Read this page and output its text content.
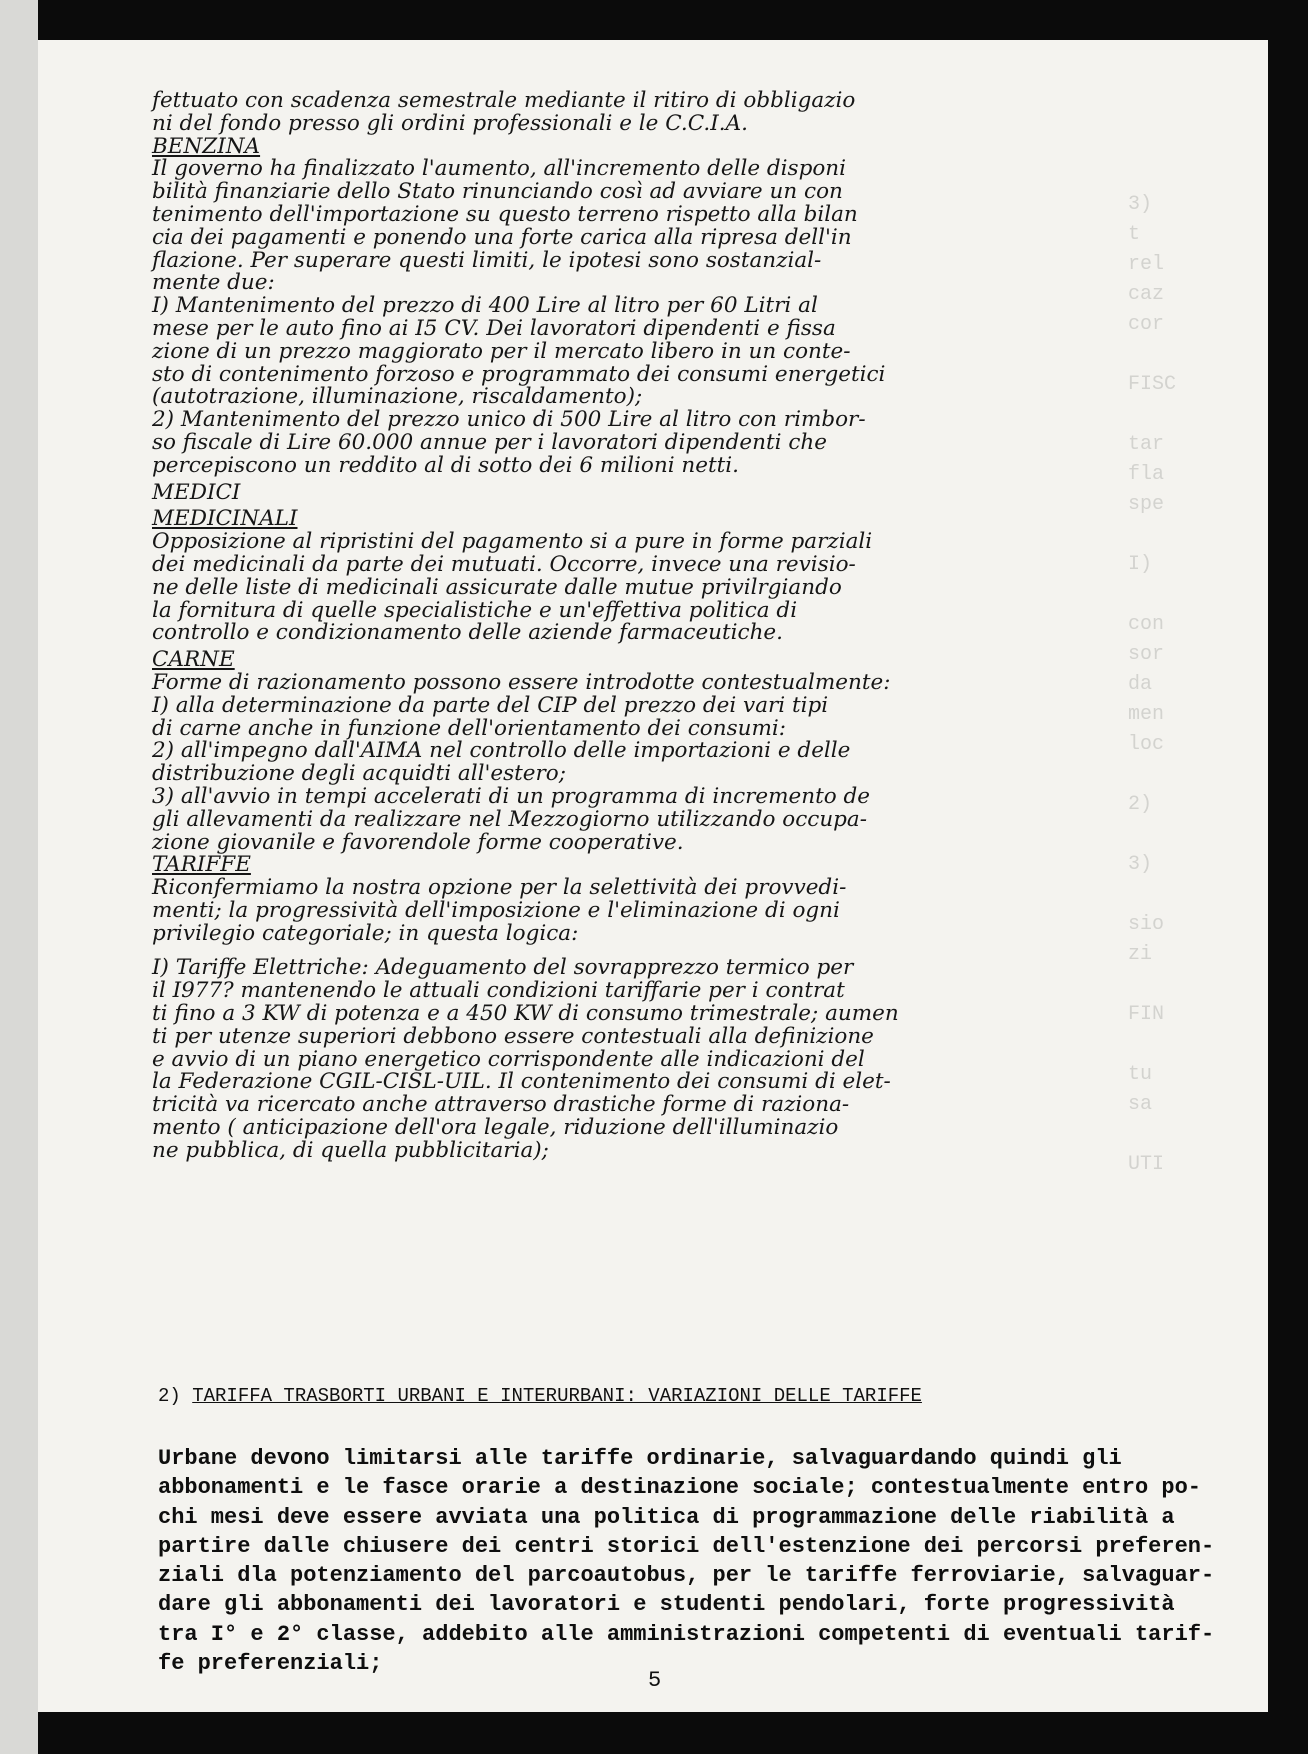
3)
t
rel
caz
cor

FISC

tar
fla
spe

I)

con
sor
da
men
loc

2)

3)

sio
zi

FIN

tu
sa

UTI

fettuato con scadenza semestrale mediante il ritiro di obbligazio
ni del fondo presso gli ordini professionali e le C.C.I.A.
BENZINA
Il governo ha finalizzato l'aumento, all'incremento delle disponi
bilità finanziarie dello Stato rinunciando così ad avviare un con
tenimento dell'importazione su questo terreno rispetto alla bilan
cia dei pagamenti e ponendo una forte carica alla ripresa dell'in
flazione. Per superare questi limiti, le ipotesi sono sostanzial-
mente due:
I) Mantenimento del prezzo di 400 Lire al litro per 60 Litri al
mese per le auto fino ai I5 CV. Dei lavoratori dipendenti e fissa
zione di un prezzo maggiorato per il mercato libero in un conte-
sto di contenimento forzoso e programmato dei consumi energetici
(autotrazione, illuminazione, riscaldamento);
2) Mantenimento del prezzo unico di 500 Lire al litro con rimbor-
so fiscale di Lire 60.000 annue per i lavoratori dipendenti che
percepiscono un reddito al di sotto dei 6 milioni netti.
MEDICI
MEDICINALI
Opposizione al ripristini del pagamento si a pure in forme parziali
dei medicinali da parte dei mutuati. Occorre, invece una revisio-
ne delle liste di medicinali assicurate dalle mutue privilrgiando
la fornitura di quelle specialistiche e un'effettiva politica di
controllo e condizionamento delle aziende farmaceutiche.
CARNE
Forme di razionamento possono essere introdotte contestualmente:
I) alla determinazione da parte del CIP del prezzo dei vari tipi
di carne anche in funzione dell'orientamento dei consumi:
2) all'impegno dall'AIMA nel controllo delle importazioni e delle
distribuzione degli acquidti all'estero;
3) all'avvio in tempi accelerati di un programma di incremento de
gli allevamenti da realizzare nel Mezzogiorno utilizzando occupa-
zione giovanile e favorendole forme cooperative.
TARIFFE
Riconfermiamo la nostra opzione per la selettività dei provvedi-
menti; la progressività dell'imposizione e l'eliminazione di ogni
privilegio categoriale; in questa logica:
I) Tariffe Elettriche: Adeguamento del sovrapprezzo termico per
il I977? mantenendo le attuali condizioni tariffarie per i contrat
ti fino a 3 KW di potenza e a 450 KW di consumo trimestrale; aumen
ti per utenze superiori debbono essere contestuali alla definizione
e avvio di un piano energetico corrispondente alle indicazioni del
la Federazione CGIL-CISL-UIL. Il contenimento dei consumi di elet-
tricità va ricercato anche attraverso drastiche forme di raziona-
mento ( anticipazione dell'ora legale, riduzione dell'illuminazio
ne pubblica, di quella pubblicitaria);
2) TARIFFA TRASBORTI URBANI E INTERURBANI: VARIAZIONI DELLE TARIFFE
Urbane devono limitarsi alle tariffe ordinarie, salvaguardando quindi gli
abbonamenti e le fasce orarie a destinazione sociale; contestualmente entro po-
chi mesi deve essere avviata una politica di programmazione delle riabilità a
partire dalle chiusere dei centri storici dell'estenzione dei percorsi preferen-
ziali dla potenziamento del parcoautobus, per le tariffe ferroviarie, salvaguar-
dare gli abbonamenti dei lavoratori e studenti pendolari, forte progressività
tra I° e 2° classe, addebito alle amministrazioni competenti di eventuali tarif-
fe preferenziali;
5
